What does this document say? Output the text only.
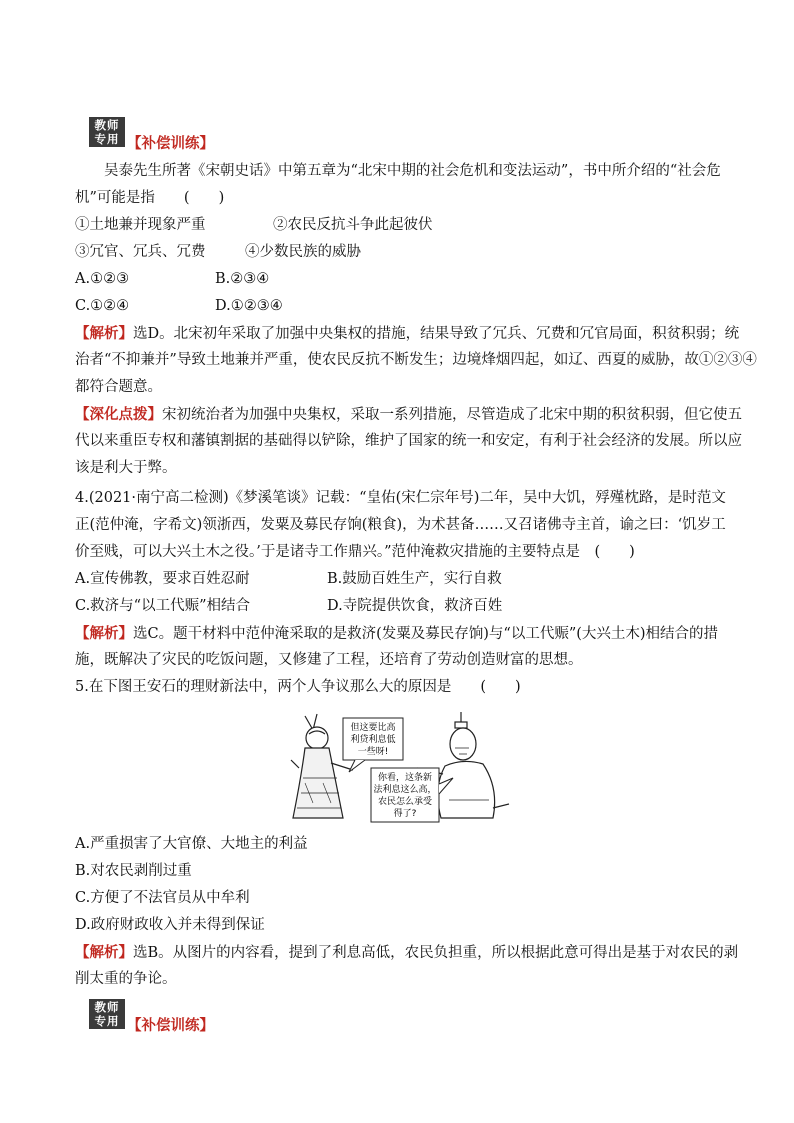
教师
专用 【补偿训练】
吴泰先生所著《宋朝史话》中第五章为“北宋中期的社会危机和变法运动”，书中所介绍的“社会危
机”可能是指　　(　　)
①土地兼并现象严重	②农民反抗斗争此起彼伏
③冗官、冗兵、冗费	④少数民族的威胁
A.①②③	B.②③④
C.①②④	D.①②③④
【解析】选D。北宋初年采取了加强中央集权的措施，结果导致了冗兵、冗费和冗官局面，积贫积弱；统
治者“不抑兼并”导致土地兼并严重，使农民反抗不断发生；边境烽烟四起，如辽、西夏的威胁，故①②③④
都符合题意。
【深化点拨】宋初统治者为加强中央集权，采取一系列措施，尽管造成了北宋中期的积贫积弱，但它使五
代以来重臣专权和藩镇割据的基础得以铲除，维护了国家的统一和安定，有利于社会经济的发展。所以应
该是利大于弊。
4.(2021·南宁高二检测)《梦溪笔谈》记载：“皇佑(宋仁宗年号)二年，吴中大饥，殍殣枕路，是时范文
正(范仲淹，字希文)领浙西，发粟及募民存饷(粮食)，为术甚备……又召诸佛寺主首，谕之曰：‘饥岁工
价至贱，可以大兴土木之役。’于是诸寺工作鼎兴。”范仲淹救灾措施的主要特点是　(　　)
A.宣传佛教，要求百姓忍耐	B.鼓励百姓生产，实行自救
C.救济与“以工代赈”相结合	D.寺院提供饮食，救济百姓
【解析】选C。题干材料中范仲淹采取的是救济(发粟及募民存饷)与“以工代赈”(大兴土木)相结合的措
施，既解决了灾民的吃饭问题，又修建了工程，还培育了劳动创造财富的思想。
5.在下图王安石的理财新法中，两个人争议那么大的原因是　　(　　)
但这要比高
利贷利息低
一些呀!
你看，这条新
法利息这么高，
农民怎么承受
得了?
A.严重损害了大官僚、大地主的利益
B.对农民剥削过重
C.方便了不法官员从中牟利
D.政府财政收入并未得到保证
【解析】选B。从图片的内容看，提到了利息高低，农民负担重，所以根据此意可得出是基于对农民的剥
削太重的争论。
教师
专用 【补偿训练】
